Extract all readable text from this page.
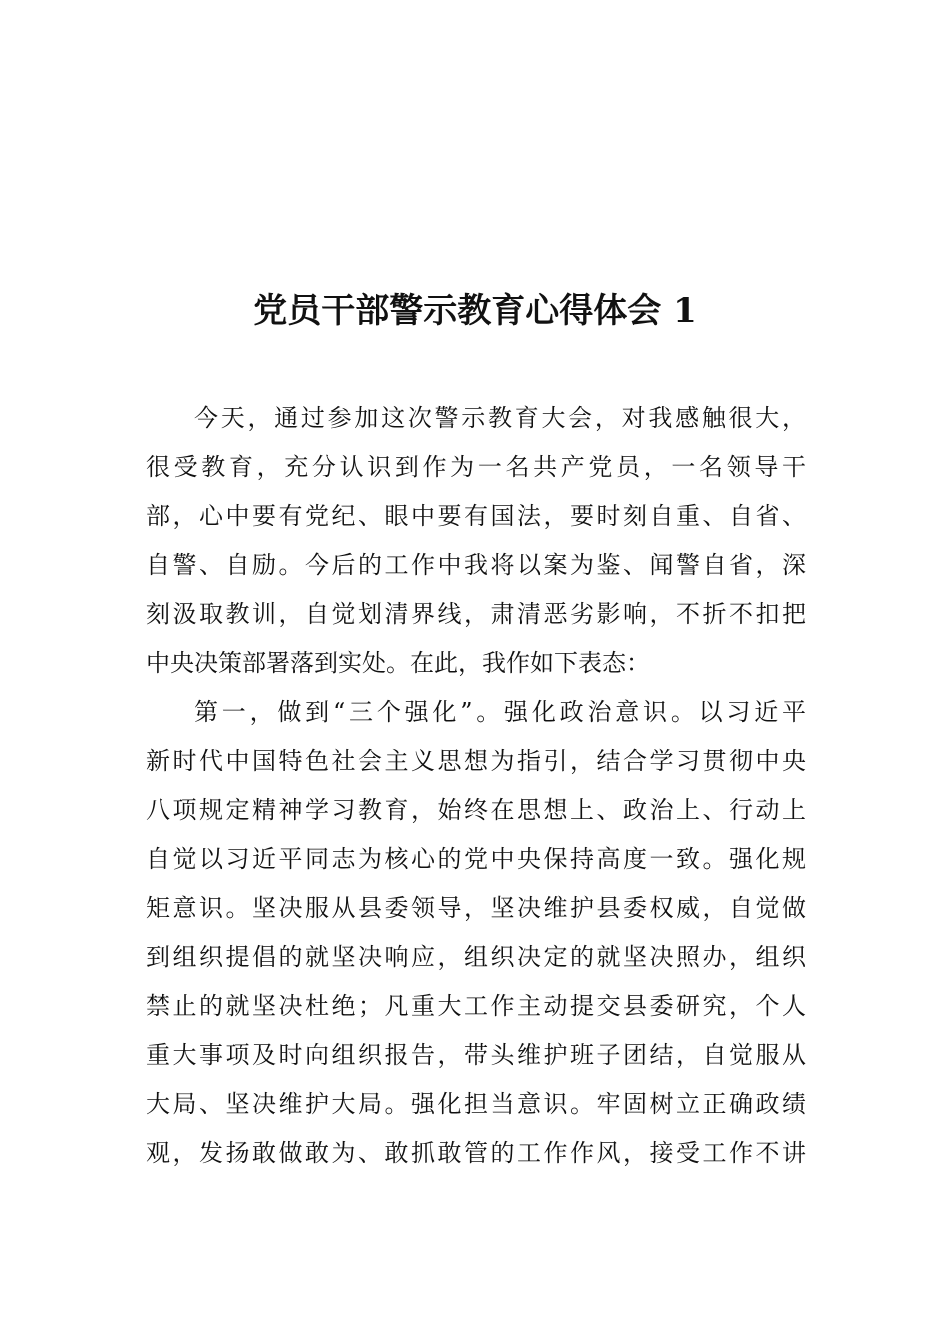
党员干部警示教育心得体会 1
今天，通过参加这次警示教育大会，对我感触很大，
很受教育，充分认识到作为一名共产党员，一名领导干
部，心中要有党纪、眼中要有国法，要时刻自重、自省、
自警、自励。今后的工作中我将以案为鉴、闻警自省，深
刻汲取教训，自觉划清界线，肃清恶劣影响，不折不扣把
中央决策部署落到实处。在此，我作如下表态：
第一，做到“三个强化”。强化政治意识。以习近平
新时代中国特色社会主义思想为指引，结合学习贯彻中央
八项规定精神学习教育，始终在思想上、政治上、行动上
自觉以习近平同志为核心的党中央保持高度一致。强化规
矩意识。坚决服从县委领导，坚决维护县委权威，自觉做
到组织提倡的就坚决响应，组织决定的就坚决照办，组织
禁止的就坚决杜绝；凡重大工作主动提交县委研究，个人
重大事项及时向组织报告，带头维护班子团结，自觉服从
大局、坚决维护大局。强化担当意识。牢固树立正确政绩
观，发扬敢做敢为、敢抓敢管的工作作风，接受工作不讲
